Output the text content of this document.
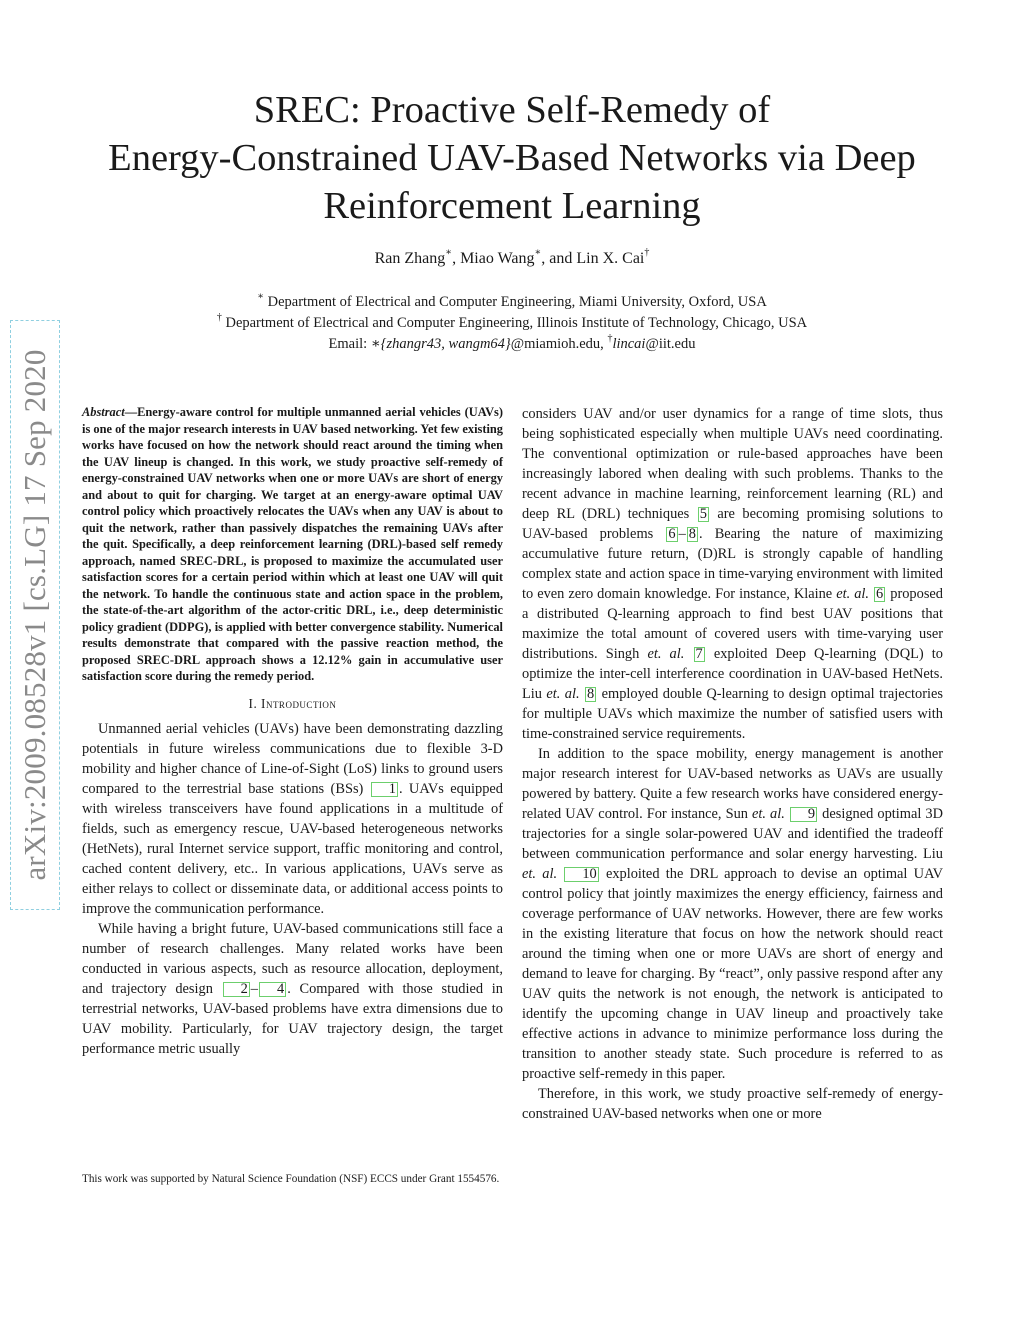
arXiv:2009.08528v1 [cs.LG] 17 Sep 2020
SREC: Proactive Self-Remedy of
Energy-Constrained UAV-Based Networks via Deep
Reinforcement Learning
Ran Zhang∗, Miao Wang∗, and Lin X. Cai†
∗ Department of Electrical and Computer Engineering, Miami University, Oxford, USA
† Department of Electrical and Computer Engineering, Illinois Institute of Technology, Chicago, USA
Email: ∗{zhangr43, wangm64}@miamioh.edu, †lincai@iit.edu

Abstract—Energy-aware control for multiple unmanned aerial vehicles (UAVs) is one of the major research interests in UAV based networking. Yet few existing works have focused on how the network should react around the timing when the UAV lineup is changed. In this work, we study proactive self-remedy of energy-constrained UAV networks when one or more UAVs are short of energy and about to quit for charging. We target at an energy-aware optimal UAV control policy which proactively relocates the UAVs when any UAV is about to quit the network, rather than passively dispatches the remaining UAVs after the quit. Specifically, a deep reinforcement learning (DRL)-based self remedy approach, named SREC-DRL, is proposed to maximize the accumulated user satisfaction scores for a certain period within which at least one UAV will quit the network. To handle the continuous state and action space in the problem, the state-of-the-art algorithm of the actor-critic DRL, i.e., deep deterministic policy gradient (DDPG), is applied with better convergence stability. Numerical results demonstrate that compared with the passive reaction method, the proposed SREC-DRL approach shows a 12.12% gain in accumulative user satisfaction score during the remedy period.

I. Introduction

Unmanned aerial vehicles (UAVs) have been demonstrating dazzling potentials in future wireless communications due to flexible 3-D mobility and higher chance of Line-of-Sight (LoS) links to ground users compared to the terrestrial base stations (BSs) 1 . UAVs equipped with wireless transceivers have found applications in a multitude of fields, such as emergency rescue, UAV-based heterogeneous networks (HetNets), rural Internet service support, traffic monitoring and control, cached content delivery, etc.. In various applications, UAVs serve as either relays to collect or disseminate data, or additional access points to improve the communication performance.

While having a bright future, UAV-based communications still face a number of research challenges. Many related works have been conducted in various aspects, such as resource allocation, deployment, and trajectory design 2 – 4 . Compared with those studied in terrestrial networks, UAV-based problems have extra dimensions due to UAV mobility. Particularly, for UAV trajectory design, the target performance metric usually

This work was supported by Natural Science Foundation (NSF) ECCS under Grant 1554576.

considers UAV and/or user dynamics for a range of time slots, thus being sophisticated especially when multiple UAVs need coordinating. The conventional optimization or rule-based approaches have been increasingly labored when dealing with such problems. Thanks to the recent advance in machine learning, reinforcement learning (RL) and deep RL (DRL) techniques 5 are becoming promising solutions to UAV-based problems 6 – 8 . Bearing the nature of maximizing accumulative future return, (D)RL is strongly capable of handling complex state and action space in time-varying environment with limited to even zero domain knowledge. For instance, Klaine et. al. 6 proposed a distributed Q-learning approach to find best UAV positions that maximize the total amount of covered users with time-varying user distributions. Singh et. al. 7 exploited Deep Q-learning (DQL) to optimize the inter-cell interference coordination in UAV-based HetNets. Liu et. al. 8 employed double Q-learning to design optimal trajectories for multiple UAVs which maximize the number of satisfied users with time-constrained service requirements.

In addition to the space mobility, energy management is another major research interest for UAV-based networks as UAVs are usually powered by battery. Quite a few research works have considered energy-related UAV control. For instance, Sun et. al. 9 designed optimal 3D trajectories for a single solar-powered UAV and identified the tradeoff between communication performance and solar energy harvesting. Liu et. al. 10 exploited the DRL approach to devise an optimal UAV control policy that jointly maximizes the energy efficiency, fairness and coverage performance of UAV networks. However, there are few works in the existing literature that focus on how the network should react around the timing when one or more UAVs are short of energy and demand to leave for charging. By “react”, only passive respond after any UAV quits the network is not enough, the network is anticipated to identify the upcoming change in UAV lineup and proactively take effective actions in advance to minimize performance loss during the transition to another steady state. Such procedure is referred to as proactive self-remedy in this paper.

Therefore, in this work, we study proactive self-remedy of energy-constrained UAV-based networks when one or more
